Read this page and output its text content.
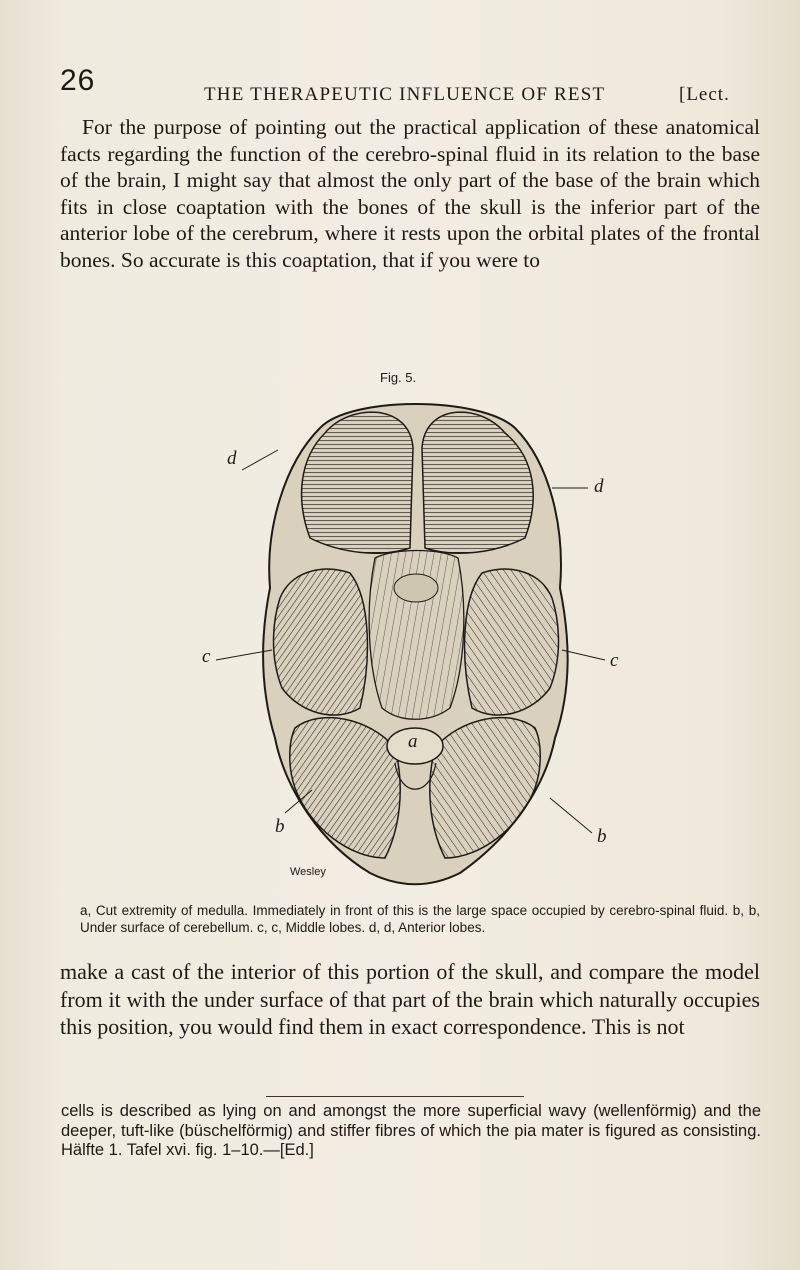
26	THE THERAPEUTIC INFLUENCE OF REST	[Lect.
For the purpose of pointing out the practical application of these anatomical facts regarding the function of the cerebro-spinal fluid in its relation to the base of the brain, I might say that almost the only part of the base of the brain which fits in close coaptation with the bones of the skull is the inferior part of the anterior lobe of the cerebrum, where it rests upon the orbital plates of the frontal bones. So accurate is this coaptation, that if you were to
Fig. 5.
d
d
c	c
a
b	b
Wesley
a, Cut extremity of medulla. Immediately in front of this is the large space occupied by cerebro-spinal fluid. b, b, Under surface of cerebellum. c, c, Middle lobes. d, d, Anterior lobes.
make a cast of the interior of this portion of the skull, and compare the model from it with the under surface of that part of the brain which naturally occupies this position, you would find them in exact correspondence. This is not
cells is described as lying on and amongst the more superficial wavy (wellenförmig) and the deeper, tuft-like (büschelförmig) and stiffer fibres of which the pia mater is figured as consisting. Hälfte 1. Tafel xvi. fig. 1–10.—[Ed.]
